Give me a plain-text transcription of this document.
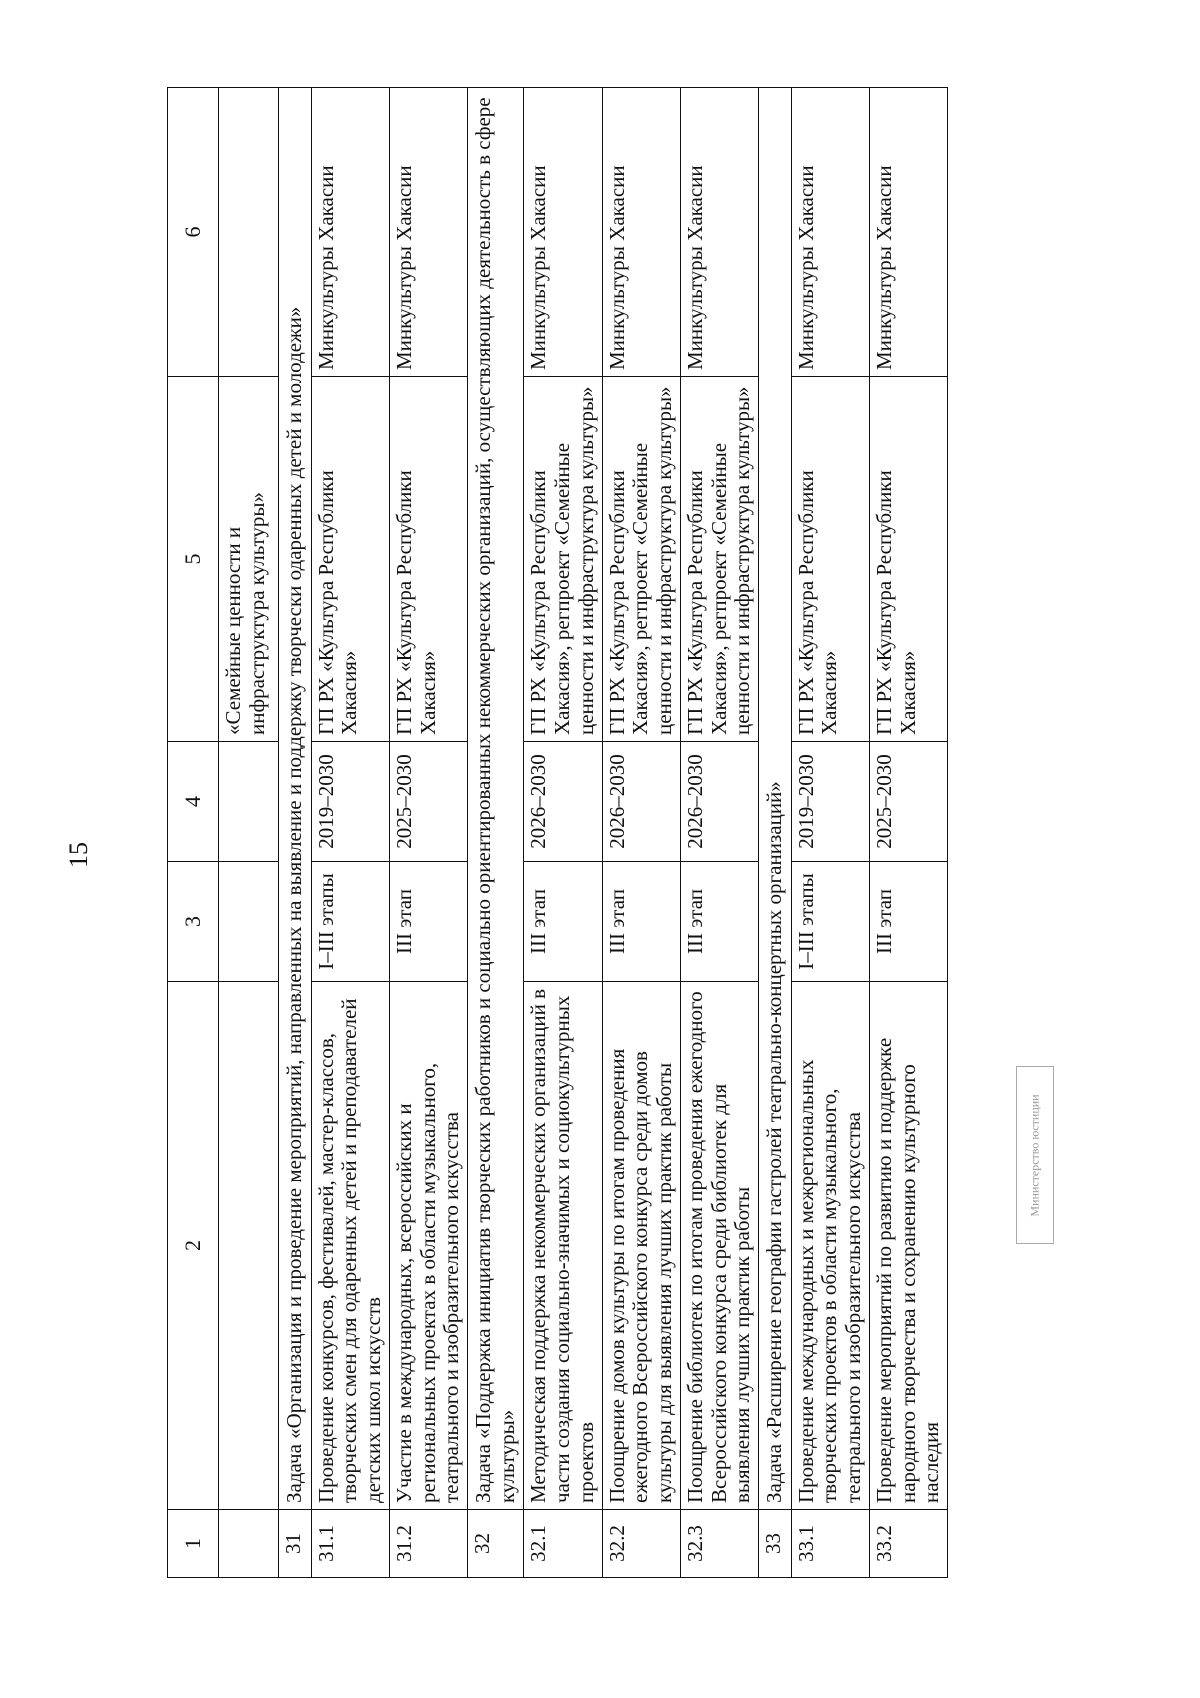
15
1	2	3	4	5	6
				«Семейные ценности и инфраструктура культуры»	
31	Задача «Организация и проведение мероприятий, направленных на выявление и поддержку творчески одаренных детей и молодежи»				
31.1	Проведение конкурсов, фестивалей, мастер-классов, творческих смен для одаренных детей и преподавателей детских школ искусств	I–III этапы	2019–2030	ГП РХ «Культура Республики Хакасия»	Минкультуры Хакасии
31.2	Участие в международных, всероссийских и региональных проектах в области музыкального, театрального и изобразительного искусства	III этап	2025–2030	ГП РХ «Культура Республики Хакасия»	Минкультуры Хакасии
32	Задача «Поддержка инициатив творческих работников и социально ориентированных некоммерческих организаций, осуществляющих деятельность в сфере культуры»				
32.1	Методическая поддержка некоммерческих организаций в части создания социально-значимых и социокультурных проектов	III этап	2026–2030	ГП РХ «Культура Республики Хакасия», регпроект «Семейные ценности и инфраструктура культуры»	Минкультуры Хакасии
32.2	Поощрение домов культуры по итогам проведения ежегодного Всероссийского конкурса среди домов культуры для выявления лучших практик работы	III этап	2026–2030	ГП РХ «Культура Республики Хакасия», регпроект «Семейные ценности и инфраструктура культуры»	Минкультуры Хакасии
32.3	Поощрение библиотек по итогам проведения ежегодного Всероссийского конкурса среди библиотек для выявления лучших практик работы	III этап	2026–2030	ГП РХ «Культура Республики Хакасия», регпроект «Семейные ценности и инфраструктура культуры»	Минкультуры Хакасии
33	Задача «Расширение географии гастролей театрально-концертных организаций»				
33.1	Проведение международных и межрегиональных творческих проектов в области музыкального, театрального и изобразительного искусства	I–III этапы	2019–2030	ГП РХ «Культура Республики Хакасия»	Минкультуры Хакасии
33.2	Проведение мероприятий по развитию и поддержке народного творчества и сохранению культурного наследия	III этап	2025–2030	ГП РХ «Культура Республики Хакасия»	Минкультуры Хакасии
Министерство юстиции
